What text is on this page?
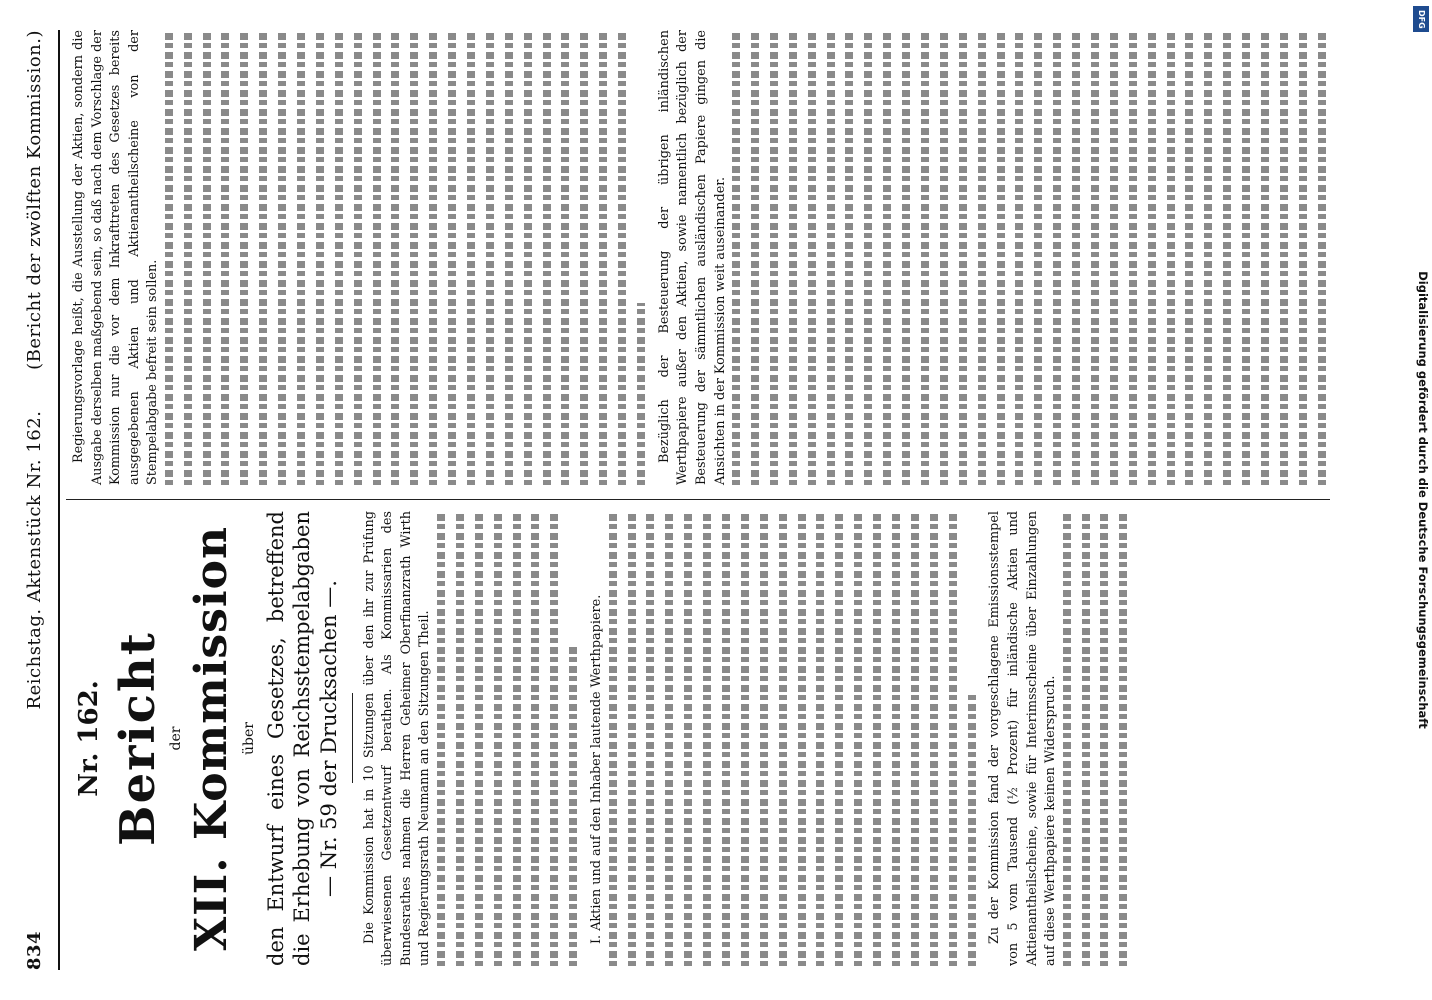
834
Reichstag. Aktenstück Nr. 162.
(Bericht der zwölften Kommission.)
Nr. 162. Bericht der XII. Kommission über den Entwurf eines Gesetzes, betreffend die Erhebung von Reichsstempelabgaben — Nr. 59 der Drucksachen —. Die Kommission hat in 10 Sitzungen über den ihr zur Prüfung überwiesenen Gesetzentwurf berathen. Als Kommissarien des Bundesrathes nahmen die Herren Geheimer Oberfinanzrath Wirth und Regierungsrath Neumann an den Sitzungen Theil.	I. Aktien und auf den Inhaber lautende Werthpapiere.	Zu der Kommission fand der vorgeschlagene Emissionsstempel von 5 vom Tausend (½ Prozent) für inländische Aktien und Aktienantheilscheine, sowie für Interimsscheine über Einzahlungen auf diese Werthpapiere keinen Widerspruch.

Regierungsvorlage heißt, die Ausstellung der Aktien, sondern die Ausgabe derselben maßgebend sein, so daß nach dem Vorschlage der Kommission nur die vor dem Inkrafttreten des Gesetzes bereits ausgegebenen Aktien und Aktienantheilscheine von der Stempelabgabe befreit sein sollen.	Bezüglich der Besteuerung der übrigen inländischen Werthpapiere außer den Aktien, sowie namentlich bezüglich der Besteuerung der sämmtlichen ausländischen Papiere gingen die Ansichten in der Kommission weit auseinander.	Digitalisierung gefördert durch die Deutsche Forschungsgemeinschaft
DFG
